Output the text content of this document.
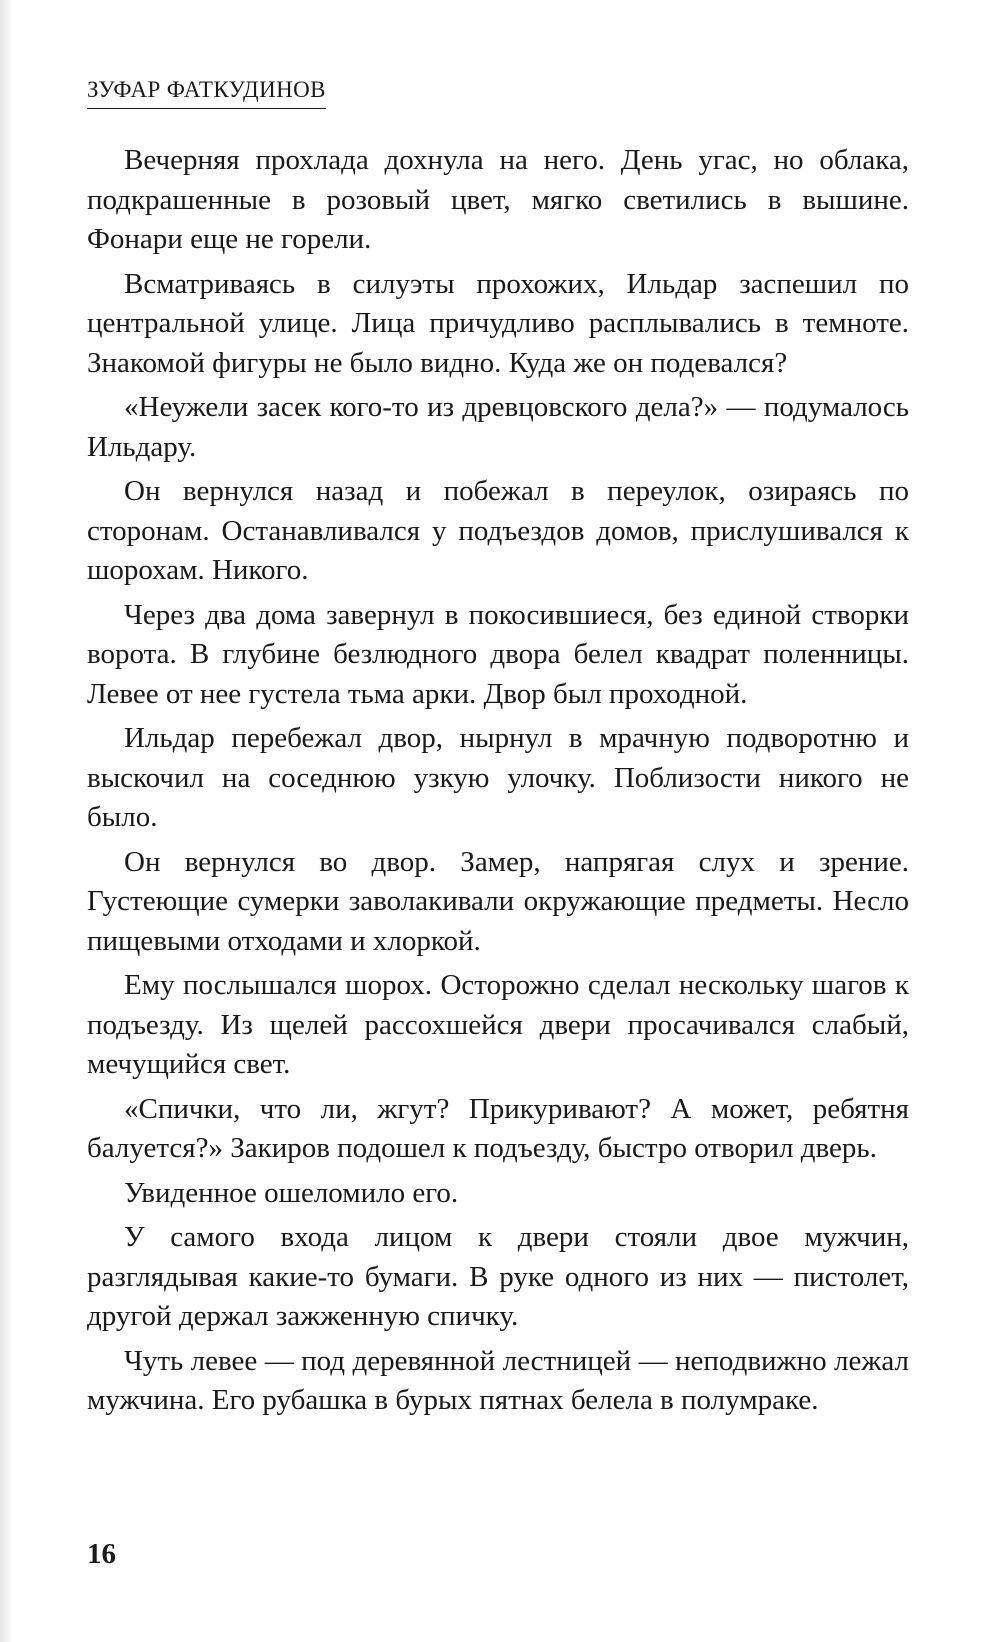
ЗУФАР ФАТКУДИНОВ

Вечерняя прохлада дохнула на него. День угас, но облака, подкрашенные в розовый цвет, мягко светились в вышине. Фонари еще не горели.

Всматриваясь в силуэты прохожих, Ильдар заспешил по центральной улице. Лица причудливо расплывались в темноте. Знакомой фигуры не было видно. Куда же он подевался?

«Неужели засек кого-то из древцовского дела?» — подумалось Ильдару.

Он вернулся назад и побежал в переулок, озираясь по сторонам. Останавливался у подъездов домов, прислушивался к шорохам. Никого.

Через два дома завернул в покосившиеся, без единой створки ворота. В глубине безлюдного двора белел квадрат поленницы. Левее от нее густела тьма арки. Двор был проходной.

Ильдар перебежал двор, нырнул в мрачную подворотню и выскочил на соседнюю узкую улочку. Поблизости никого не было.

Он вернулся во двор. Замер, напрягая слух и зрение. Густеющие сумерки заволакивали окружающие предметы. Несло пищевыми отходами и хлоркой.

Ему послышался шорох. Осторожно сделал нескольку шагов к подъезду. Из щелей рассохшейся двери просачивался слабый, мечущийся свет.

«Спички, что ли, жгут? Прикуривают? А может, ребятня балуется?» Закиров подошел к подъезду, быстро отворил дверь.

Увиденное ошеломило его.

У самого входа лицом к двери стояли двое мужчин, разглядывая какие-то бумаги. В руке одного из них — пистолет, другой держал зажженную спичку.

Чуть левее — под деревянной лестницей — неподвижно лежал мужчина. Его рубашка в бурых пятнах белела в полумраке.

16
